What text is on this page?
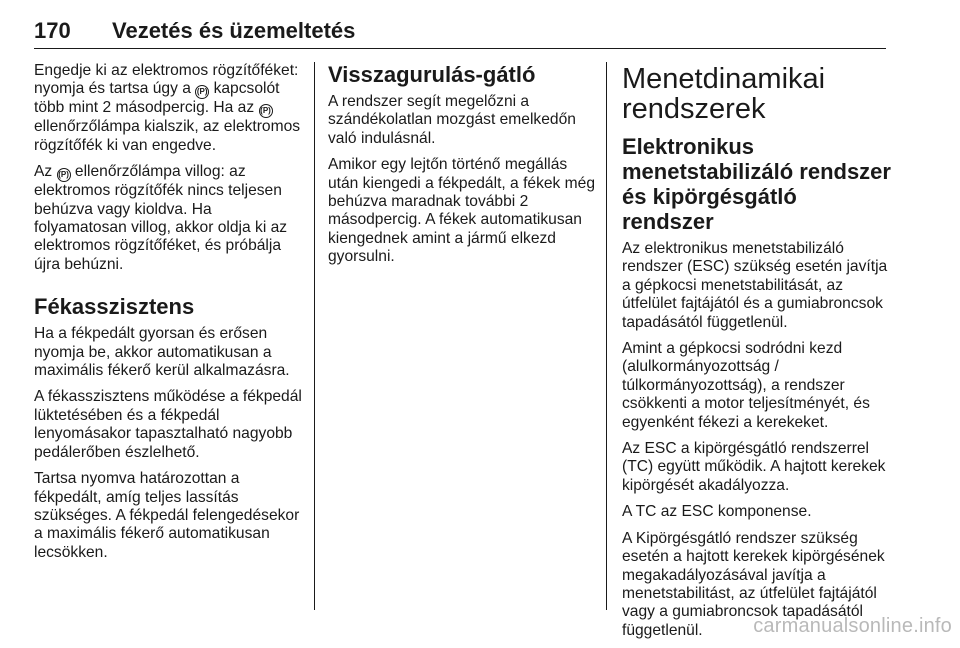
170 Vezetés és üzemeltetés

Engedje ki az elektromos rögzítőféket: nyomja és tartsa úgy a (P) kapcsolót több mint 2 másodpercig. Ha az (P) ellenőrzőlámpa kialszik, az elektromos rögzítőfék ki van engedve.

Az (P) ellenőrzőlámpa villog: az elektromos rögzítőfék nincs teljesen behúzva vagy kioldva. Ha folyamatosan villog, akkor oldja ki az elektromos rögzítőféket, és próbálja újra behúzni.

Fékasszisztens

Ha a fékpedált gyorsan és erősen nyomja be, akkor automatikusan a maximális fékerő kerül alkalmazásra.

A fékasszisztens működése a fékpedál lüktetésében és a fékpedál lenyomásakor tapasztalható nagyobb pedálerőben észlelhető.

Tartsa nyomva határozottan a fékpedált, amíg teljes lassítás szükséges. A fékpedál felengedésekor a maximális fékerő automatikusan lecsökken.

Visszagurulás-gátló

A rendszer segít megelőzni a szándékolatlan mozgást emelkedőn való indulásnál.

Amikor egy lejtőn történő megállás után kiengedi a fékpedált, a fékek még behúzva maradnak további 2 másodpercig. A fékek automatikusan kiengednek amint a jármű elkezd gyorsulni.

Menetdinamikai rendszerek
Elektronikus menetstabilizáló rendszer és kipörgésgátló rendszer

Az elektronikus menetstabilizáló rendszer (ESC) szükség esetén javítja a gépkocsi menetstabilitását, az útfelület fajtájától és a gumiabroncsok tapadásától függetlenül.

Amint a gépkocsi sodródni kezd (alulkormányozottság / túlkormányozottság), a rendszer csökkenti a motor teljesítményét, és egyenként fékezi a kerekeket.

Az ESC a kipörgésgátló rendszerrel (TC) együtt működik. A hajtott kerekek kipörgését akadályozza.

A TC az ESC komponense.

A Kipörgésgátló rendszer szükség esetén a hajtott kerekek kipörgésének megakadályozásával javítja a menetstabilitást, az útfelület fajtájától vagy a gumiabroncsok tapadásától függetlenül.	carmanualsonline.info
